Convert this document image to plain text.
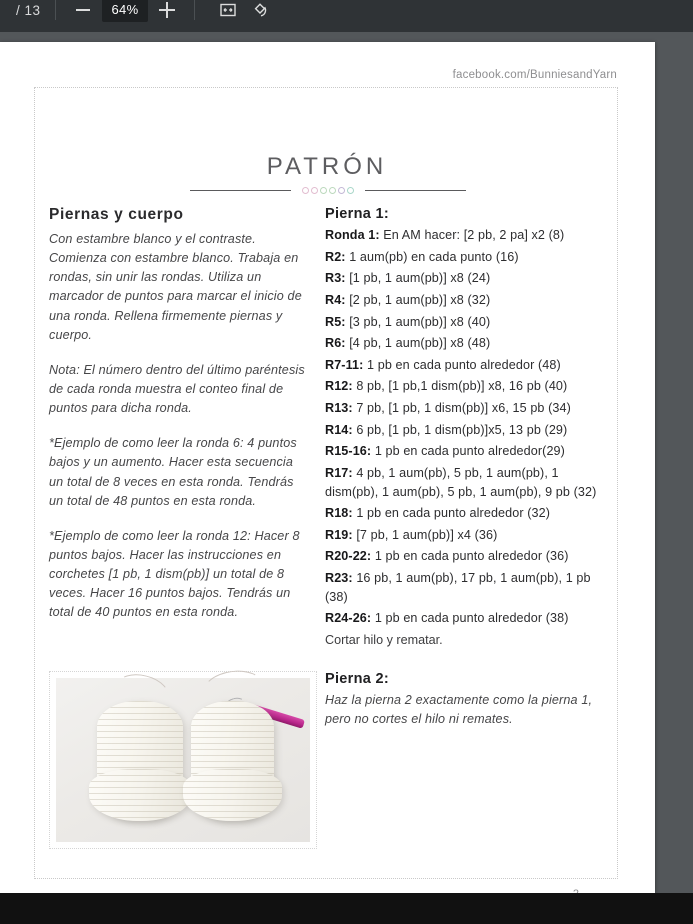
/ 13	64%
facebook.com/BunniesandYarn
PATRÓN
Piernas y cuerpo

Con estambre blanco y el contraste. Comienza con estambre blanco. Trabaja en rondas, sin unir las rondas. Utiliza un marcador de puntos para marcar el inicio de una ronda. Rellena firmemente piernas y cuerpo.

Nota: El número dentro del último paréntesis de cada ronda muestra el conteo final de puntos para dicha ronda.

*Ejemplo de como leer la ronda 6: 4 puntos bajos y un aumento. Hacer esta secuencia un total de 8 veces en esta ronda. Tendrás un total de 48 puntos en esta ronda.

*Ejemplo de como leer la ronda 12: Hacer 8 puntos bajos. Hacer las instrucciones en corchetes [1 pb, 1 dism(pb)] un total de 8 veces. Hacer 16 puntos bajos. Tendrás un total de 40 puntos en esta ronda.

Pierna 1:
Ronda 1: En AM hacer: [2 pb, 2 pa] x2 (8)
R2: 1 aum(pb) en cada punto (16)
R3: [1 pb, 1 aum(pb)] x8 (24)
R4: [2 pb, 1 aum(pb)] x8 (32)
R5: [3 pb, 1 aum(pb)] x8 (40)
R6: [4 pb, 1 aum(pb)] x8 (48)
R7-11: 1 pb en cada punto alrededor (48)
R12: 8 pb, [1 pb,1 dism(pb)] x8, 16 pb (40)
R13: 7 pb, [1 pb, 1 dism(pb)] x6, 15 pb (34)
R14: 6 pb, [1 pb, 1 dism(pb)]x5, 13 pb (29)
R15-16: 1 pb en cada punto alrededor(29)
R17: 4 pb, 1 aum(pb), 5 pb, 1 aum(pb), 1 dism(pb), 1 aum(pb), 5 pb, 1 aum(pb), 9 pb (32)
R18: 1 pb en cada punto alrededor (32)
R19: [7 pb, 1 aum(pb)] x4 (36)
R20-22: 1 pb en cada punto alrededor (36)
R23: 16 pb, 1 aum(pb), 17 pb, 1 aum(pb), 1 pb (38)
R24-26: 1 pb en cada punto alrededor (38)
Cortar hilo y rematar.
Pierna 2:

Haz la pierna 2 exactamente como la pierna 1, pero no cortes el hilo ni remates.
